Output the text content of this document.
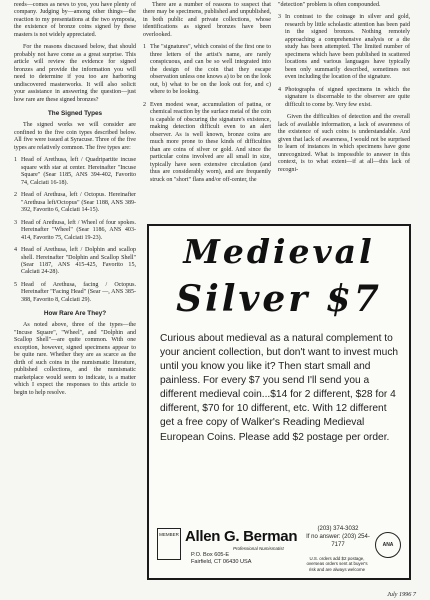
reeds—comes as news to you, you have plenty of company. Judging by—among other things—the reaction to my presentations at the two symposia, the existence of bronze coins signed by these masters is not widely appreciated.

For the reasons discussed below, that should probably not have come as a great surprise. This article will review the evidence for signed bronzes and provide the information you will need to determine if you too are harboring undiscovered masterworks. It will also solicit your assistance in answering the question—just how rare are these signed bronzes?

The Signed Types

The signed works we will consider are confined to the five coin types described below. All five were issued at Syracuse. Three of the five types are relatively common. The five types are:

1 Head of Arethusa, left / Quadripartite incuse square with star at center. Hereinafter "Incuse Square" (Sear 1185, ANS 394-402, Favorito 74, Calciati 16-18).
2 Head of Arethusa, left / Octopus. Hereinafter "Arethusa left/Octopus" (Sear 1188, ANS 389-392, Favorito 6, Calciati 14-15).
3 Head of Arethusa, left / Wheel of four spokes. Hereinafter "Wheel" (Sear 1186, ANS 403-414, Favorito 75, Calciati 19-23).
4 Head of Arethusa, left / Dolphin and scallop shell. Hereinafter "Dolphin and Scallop Shell" (Sear 1187, ANS 415-425, Favorito 15, Calciati 24-28).
5 Head of Arethusa, facing / Octopus. Hereinafter "Facing Head" (Sear —, ANS 385-388, Favorito 8, Calciati 29).
How Rare Are They?

As noted above, three of the types—the "Incuse Square", "Wheel", and "Dolphin and Scallop Shell"—are quite common. With one exception, however, signed specimens appear to be quite rare. Whether they are as scarce as the dirth of such coins in the numismatic literature, published collections, and the numismatic marketplace would seem to indicate, is a matter which I expect the responses to this article to begin to help resolve.

There are a number of reasons to suspect that there may be specimens, published and unpublished, in both public and private collections, whose identifications as signed bronzes have been overlooked.

1 The "signatures", which consist of the first one to three letters of the artist's name, are rarely conspicuous, and can be so well integrated into the design of the coin that they escape observation unless one knows a) to be on the look out, b) what to be on the look out for, and c) where to be looking.
2 Even modest wear, accumulation of patina, or chemical reaction by the surface metal of the coin is capable of obscuring the signature's existence, making detection difficult even to an alert observer. As is well known, bronze coins are much more prone to these kinds of difficulties than are coins of silver or gold. And since the particular coins involved are all small in size, typically have seen extensive circulation (and thus are considerably worn), and are frequently struck on "short" flans and/or off-center, the

"detection" problem is often compounded.

3 In contrast to the coinage in silver and gold, research by little scholastic attention has been paid in the signed bronzes. Nothing remotely approaching a comprehensive analysis or a die study has been attempted. The limited number of specimens which have been published in scattered locations and various languages have typically been only summarily described, sometimes not even including the location of the signature.
4 Photographs of signed specimens in which the signature is discernable to the observer are quite difficult to come by. Very few exist.

Given the difficulties of detection and the overall lack of available information, a lack of awareness of the existence of such coins is understandable. And given that lack of awareness, I would not be surprised to learn of instances in which specimens have gone unrecognized. What is impossible to answer in this context, is to what extent—if at all—this lack of recogni-

Medieval
Silver $7

Curious about medieval as a natural complement to your ancient collection, but don't want to invest much until you know you like it? Then start small and painless. For every $7 you send I'll send you a different medieval coin...$14 for 2 different, $28 for 4 different, $70 for 10 different, etc. With 12 different get a free copy of Walker's Reading Medieval European Coins. Please add $2 postage per order.

MEMBER Allen G. Berman
Professional Numismatist
P.O. Box 605-E
Fairfield, CT 06430 USA
(203) 374-3032
If no answer: (203) 254-7177
U.S. orders add $2 postage,
overseas orders sent at buyer's
risk and are always welcome
ANA
July 1996 7
